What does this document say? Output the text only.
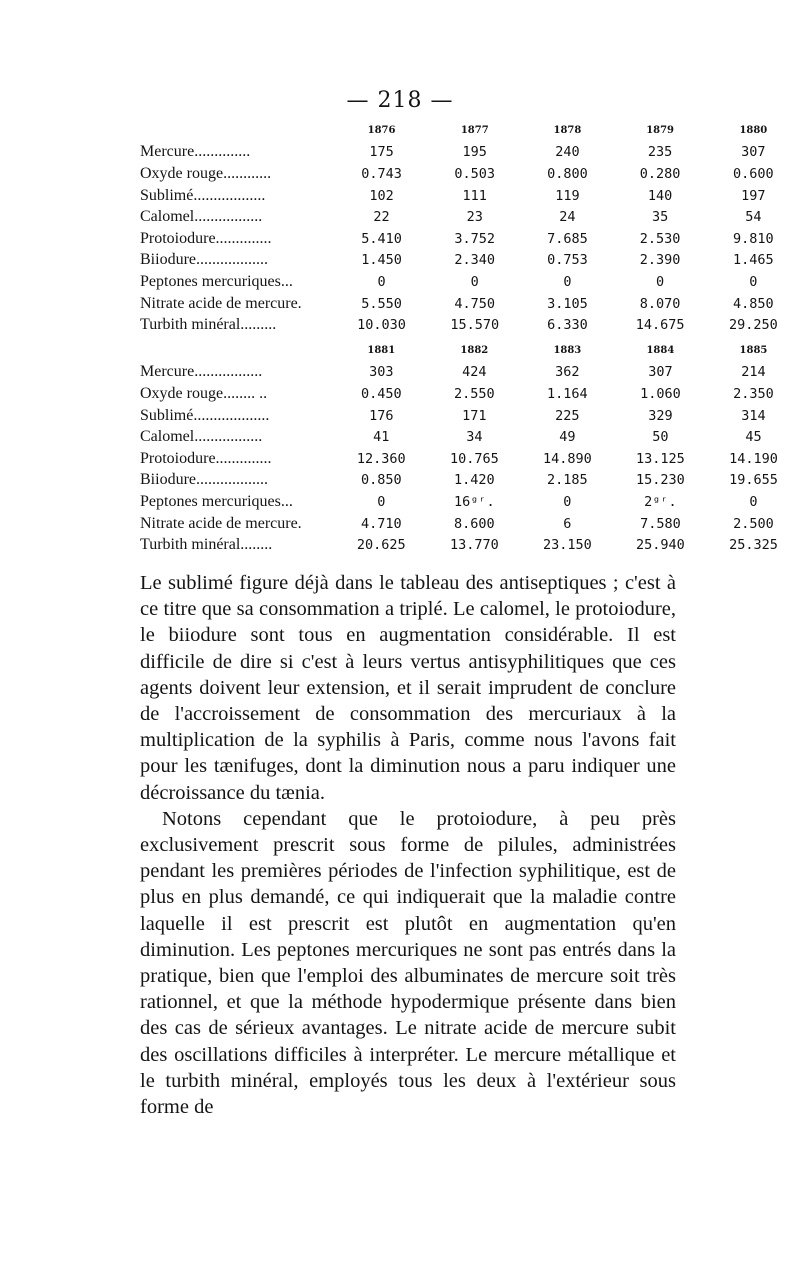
— 218 —
	1876	1877	1878	1879	1880
Mercure..............	175	195	240	235	307
Oxyde rouge............	0.743	0.503	0.800	0.280	0.600
Sublimé..................	102	111	119	140	197
Calomel.................	22	23	24	35	54
Protoiodure..............	5.410	3.752	7.685	2.530	9.810
Biiodure..................	1.450	2.340	0.753	2.390	1.465
Peptones mercuriques...	0	0	0	0	0
Nitrate acide de mercure.	5.550	4.750	3.105	8.070	4.850
Turbith minéral.........	10.030	15.570	6.330	14.675	29.250
	1881	1882	1883	1884	1885
Mercure.................	303	424	362	307	214
Oxyde rouge........ ..	0.450	2.550	1.164	1.060	2.350
Sublimé...................	176	171	225	329	314
Calomel.................	41	34	49	50	45
Protoiodure..............	12.360	10.765	14.890	13.125	14.190
Biiodure..................	0.850	1.420	2.185	15.230	19.655
Peptones mercuriques...	0	16ᵍʳ.	0	2ᵍʳ.	0
Nitrate acide de mercure.	4.710	8.600	6	7.580	2.500
Turbith minéral........	20.625	13.770	23.150	25.940	25.325

Le sublimé figure déjà dans le tableau des antiseptiques ; c'est à ce titre que sa consommation a triplé. Le calomel, le protoiodure, le biiodure sont tous en augmentation considérable. Il est difficile de dire si c'est à leurs vertus antisyphilitiques que ces agents doivent leur extension, et il serait imprudent de conclure de l'accroissement de consommation des mercuriaux à la multiplication de la syphilis à Paris, comme nous l'avons fait pour les tænifuges, dont la diminution nous a paru indiquer une décroissance du tænia.

Notons cependant que le protoiodure, à peu près exclusivement prescrit sous forme de pilules, administrées pendant les premières périodes de l'infection syphilitique, est de plus en plus demandé, ce qui indiquerait que la maladie contre laquelle il est prescrit est plutôt en augmentation qu'en diminution. Les peptones mercuriques ne sont pas entrés dans la pratique, bien que l'emploi des albuminates de mercure soit très rationnel, et que la méthode hypodermique présente dans bien des cas de sérieux avantages. Le nitrate acide de mercure subit des oscillations difficiles à interpréter. Le mercure métallique et le turbith minéral, employés tous les deux à l'extérieur sous forme de
